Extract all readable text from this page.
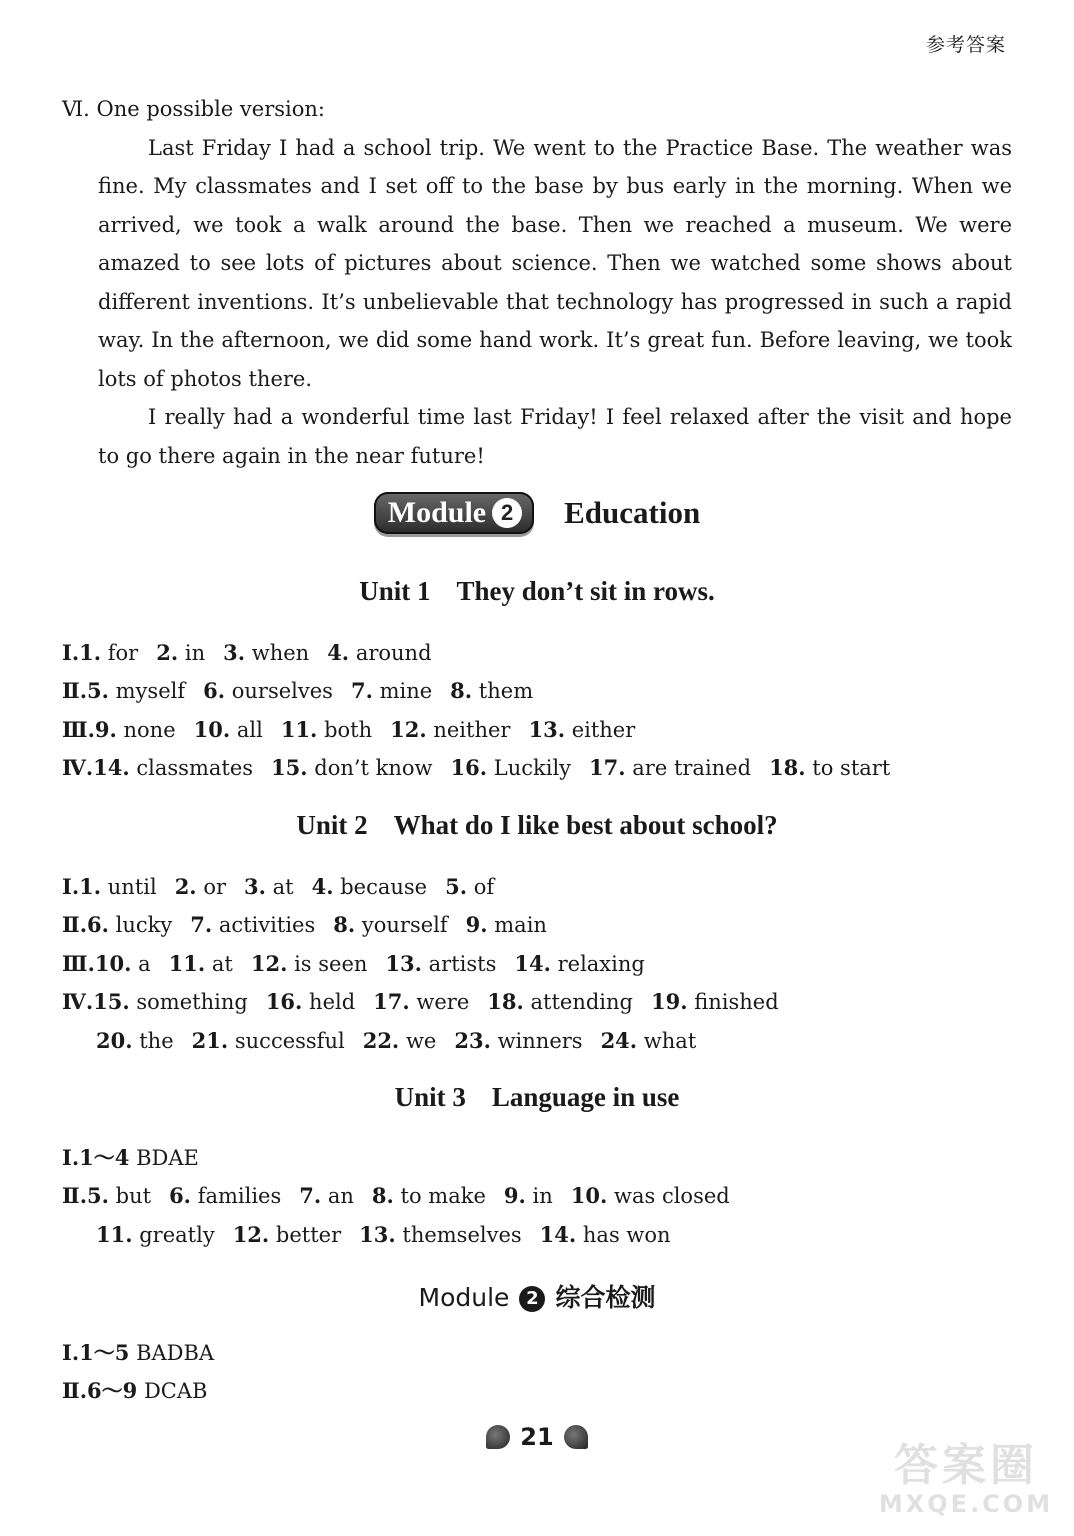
参考答案
Ⅵ. One possible version:

Last Friday I had a school trip. We went to the Practice Base. The weather was fine. My classmates and I set off to the base by bus early in the morning. When we arrived, we took a walk around the base. Then we reached a museum. We were amazed to see lots of pictures about science. Then we watched some shows about different inventions. It’s unbelievable that technology has progressed in such a rapid way. In the afternoon, we did some hand work. It’s great fun. Before leaving, we took lots of photos there.

I really had a wonderful time last Friday! I feel relaxed after the visit and hope to go there again in the near future!

Module 2 Education
Unit 1 They don’t sit in rows.
Ⅰ.1. for 2. in 3. when 4. around
Ⅱ.5. myself 6. ourselves 7. mine 8. them
Ⅲ.9. none 10. all 11. both 12. neither 13. either
Ⅳ.14. classmates 15. don’t know 16. Luckily 17. are trained 18. to start
Unit 2 What do I like best about school?
Ⅰ.1. until 2. or 3. at 4. because 5. of
Ⅱ.6. lucky 7. activities 8. yourself 9. main
Ⅲ.10. a 11. at 12. is seen 13. artists 14. relaxing
Ⅳ.15. something 16. held 17. were 18. attending 19. finished
20. the 21. successful 22. we 23. winners 24. what
Unit 3 Language in use
Ⅰ.1～4 BDAE
Ⅱ.5. but 6. families 7. an 8. to make 9. in 10. was closed
11. greatly 12. better 13. themselves 14. has won
Module 2 综合检测
Ⅰ.1～5 BADBA
Ⅱ.6～9 DCAB
21
答案圈
MXQE.COM
